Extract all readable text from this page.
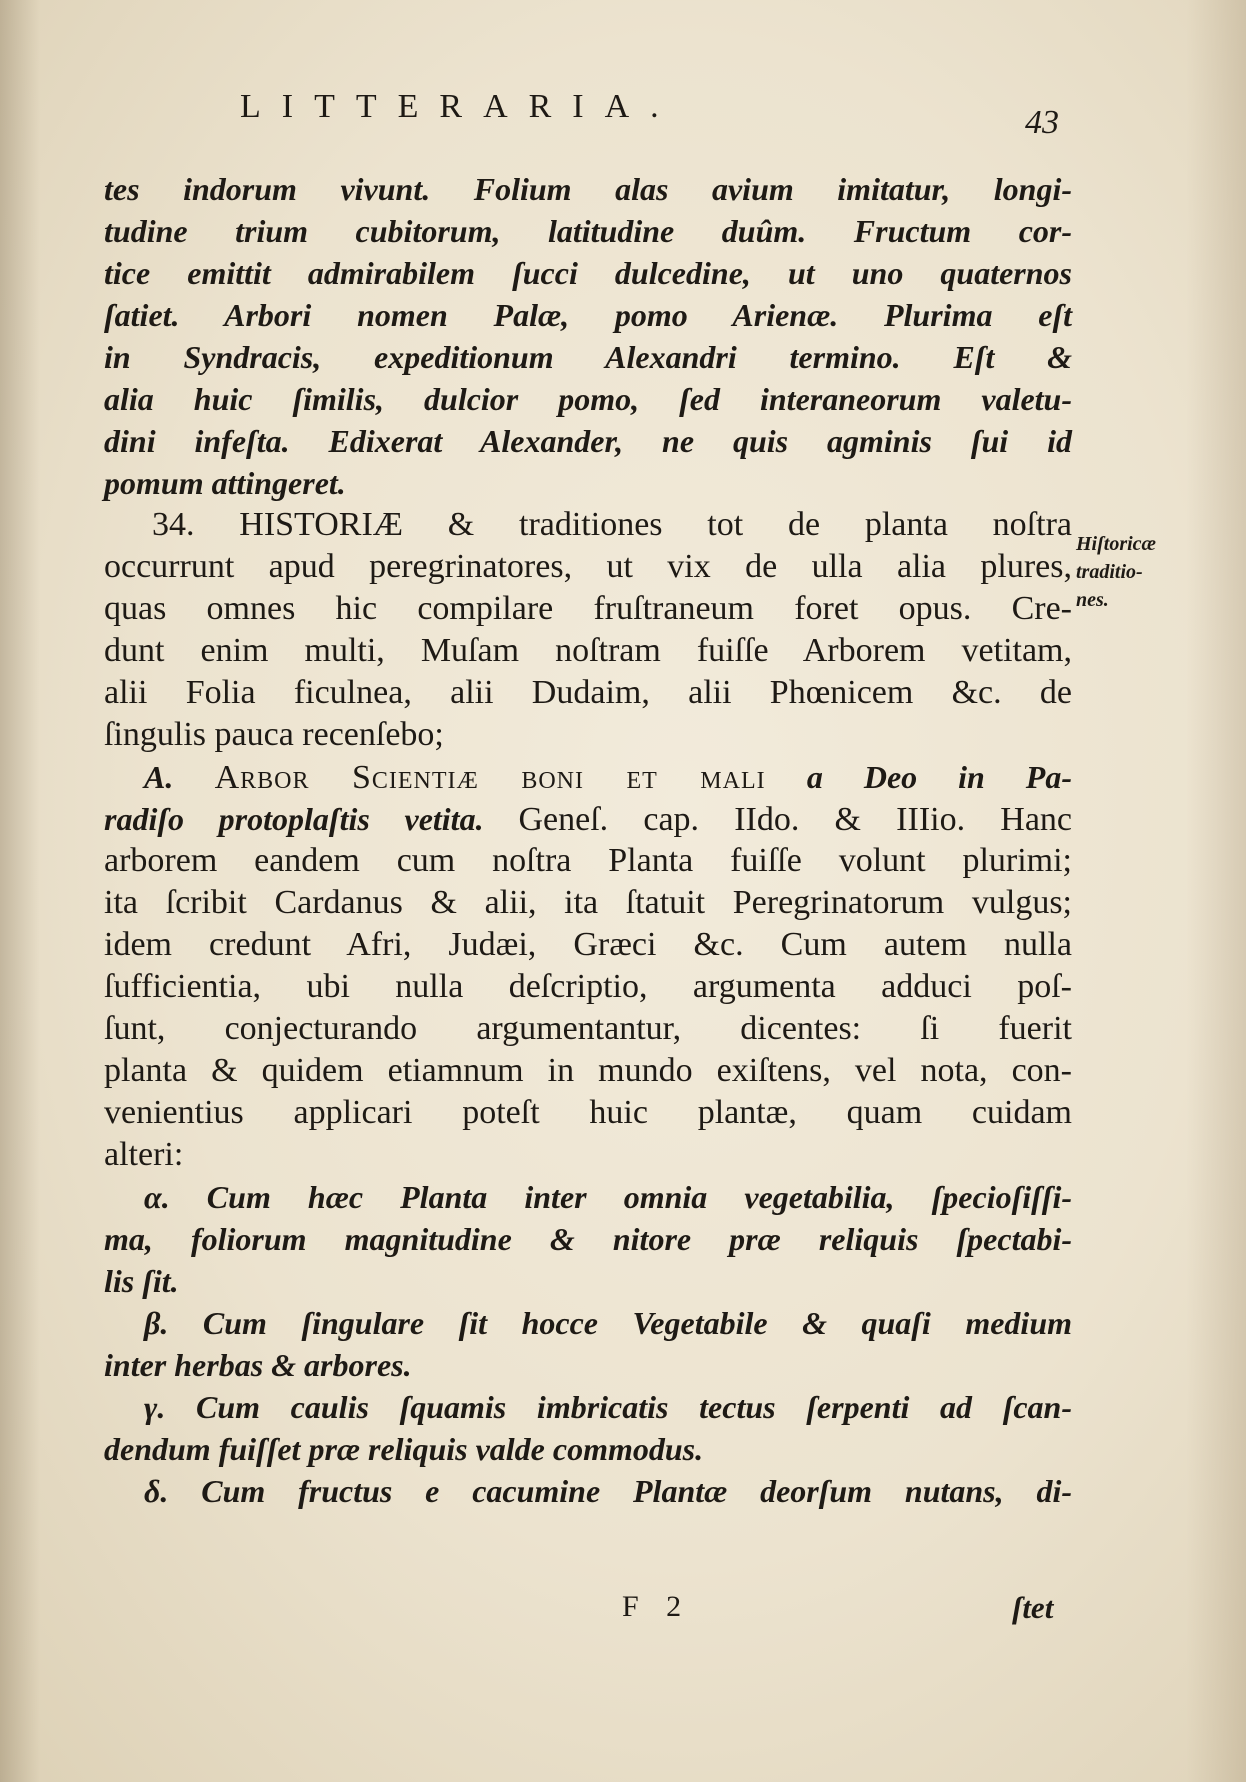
LITTERARIA.	43
tes indorum vivunt. Folium alas avium imitatur, longi-
tudine trium cubitorum, latitudine duûm. Fructum cor-
tice emittit admirabilem ſucci dulcedine, ut uno quaternos
ſatiet. Arbori nomen Palæ, pomo Arienæ. Plurima eſt
in Syndracis, expeditionum Alexandri termino. Eſt &
alia huic ſimilis, dulcior pomo, ſed interaneorum valetu-
dini infeſta. Edixerat Alexander, ne quis agminis ſui id
pomum attingeret.
34. HISTORIÆ & traditiones tot de planta noſtra
occurrunt apud peregrinatores, ut vix de ulla alia plures,
quas omnes hic compilare fruſtraneum foret opus. Cre-
dunt enim multi, Muſam noſtram fuiſſe Arborem vetitam,
alii Folia ficulnea, alii Dudaim, alii Phœnicem &c. de
ſingulis pauca recenſebo;
A. Arbor Scientiæ boni et mali a Deo in Pa-
radiſo protoplaſtis vetita. Geneſ. cap. IIdo. & IIIio. Hanc
arborem eandem cum noſtra Planta fuiſſe volunt plurimi;
ita ſcribit Cardanus & alii, ita ſtatuit Peregrinatorum vulgus;
idem credunt Afri, Judæi, Græci &c. Cum autem nulla
ſufficientia, ubi nulla deſcriptio, argumenta adduci poſ-
ſunt, conjecturando argumentantur, dicentes: ſi fuerit
planta & quidem etiamnum in mundo exiſtens, vel nota, con-
venientius applicari poteſt huic plantæ, quam cuidam
alteri:
α. Cum hæc Planta inter omnia vegetabilia, ſpecioſiſſi-
ma, foliorum magnitudine & nitore præ reliquis ſpectabi-
lis ſit.
β. Cum ſingulare ſit hocce Vegetabile & quaſi medium
inter herbas & arbores.
γ. Cum caulis ſquamis imbricatis tectus ſerpenti ad ſcan-
dendum fuiſſet præ reliquis valde commodus.
δ. Cum fructus e cacumine Plantæ deorſum nutans, di-
Hiſtoricæ
traditio-
nes.
F 2	ſtet
